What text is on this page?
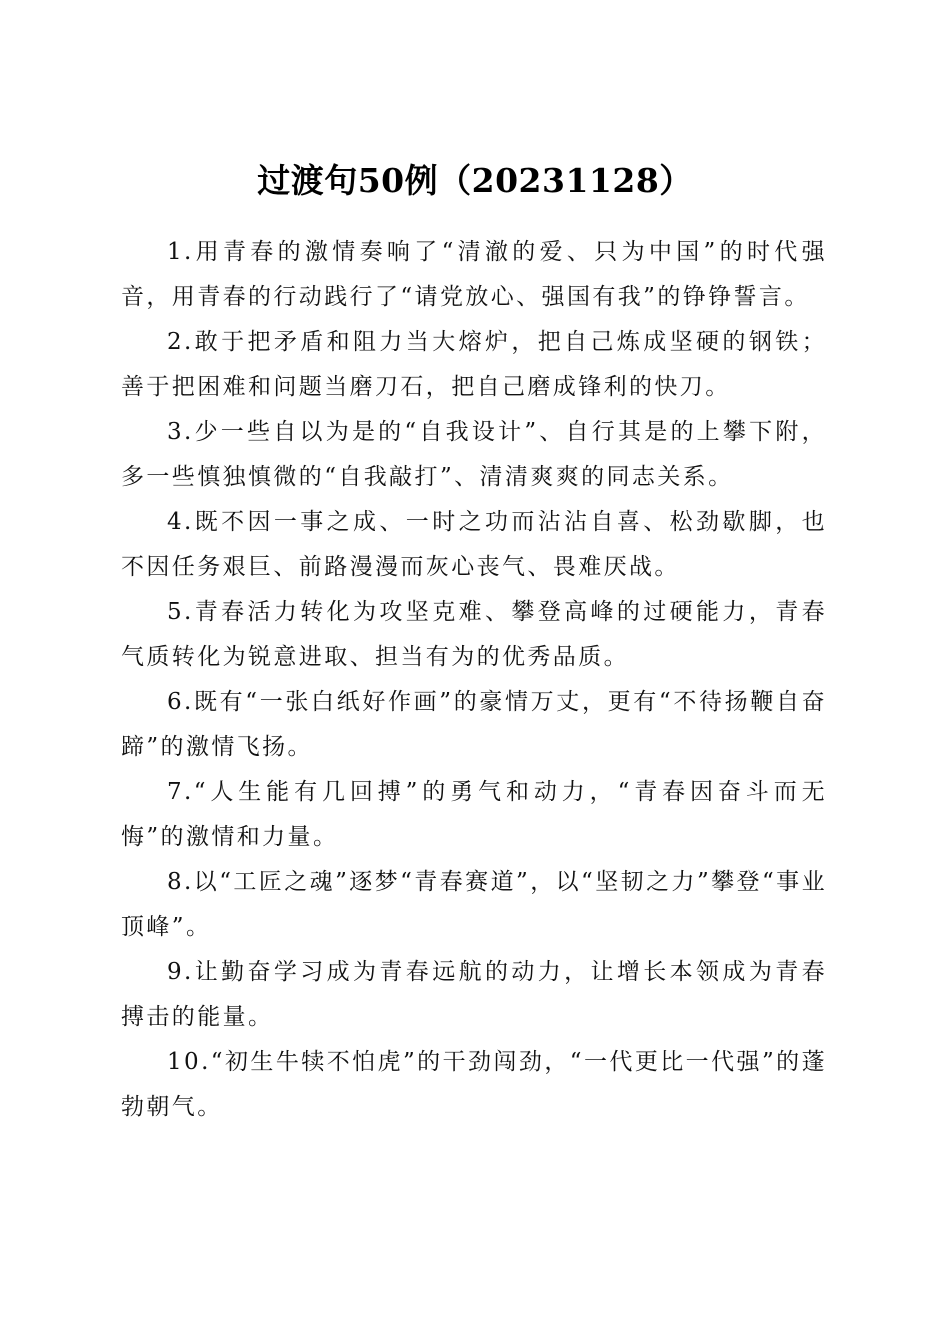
过渡句50例（20231128）

1.用青春的激情奏响了“清澈的爱、只为中国”的时代强音，用青春的行动践行了“请党放心、强国有我”的铮铮誓言。

2.敢于把矛盾和阻力当大熔炉，把自己炼成坚硬的钢铁；善于把困难和问题当磨刀石，把自己磨成锋利的快刀。

3.少一些自以为是的“自我设计”、自行其是的上攀下附，多一些慎独慎微的“自我敲打”、清清爽爽的同志关系。

4.既不因一事之成、一时之功而沾沾自喜、松劲歇脚，也不因任务艰巨、前路漫漫而灰心丧气、畏难厌战。

5.青春活力转化为攻坚克难、攀登高峰的过硬能力，青春气质转化为锐意进取、担当有为的优秀品质。

6.既有“一张白纸好作画”的豪情万丈，更有“不待扬鞭自奋蹄”的激情飞扬。

7.“人生能有几回搏”的勇气和动力，“青春因奋斗而无悔”的激情和力量。

8.以“工匠之魂”逐梦“青春赛道”，以“坚韧之力”攀登“事业顶峰”。

9.让勤奋学习成为青春远航的动力，让增长本领成为青春搏击的能量。

10.“初生牛犊不怕虎”的干劲闯劲，“一代更比一代强”的蓬勃朝气。
